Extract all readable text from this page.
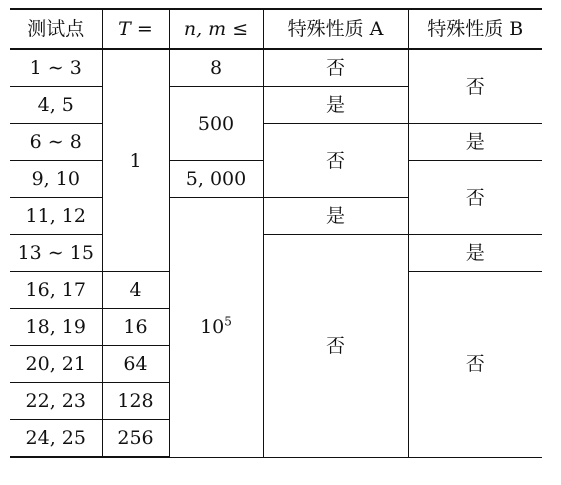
测试点	T =	n, m ≤	特殊性质 A	特殊性质 B
1 ∼ 3	1	8	否	否
4, 5		500	是	
6 ∼ 8			否	是
9, 10		5, 000		否
11, 12		$10^5$	是	
13 ∼ 15			否	是
16, 17	4			否
18, 19	16			
20, 21	64			
22, 23	128			
24, 25	256			
